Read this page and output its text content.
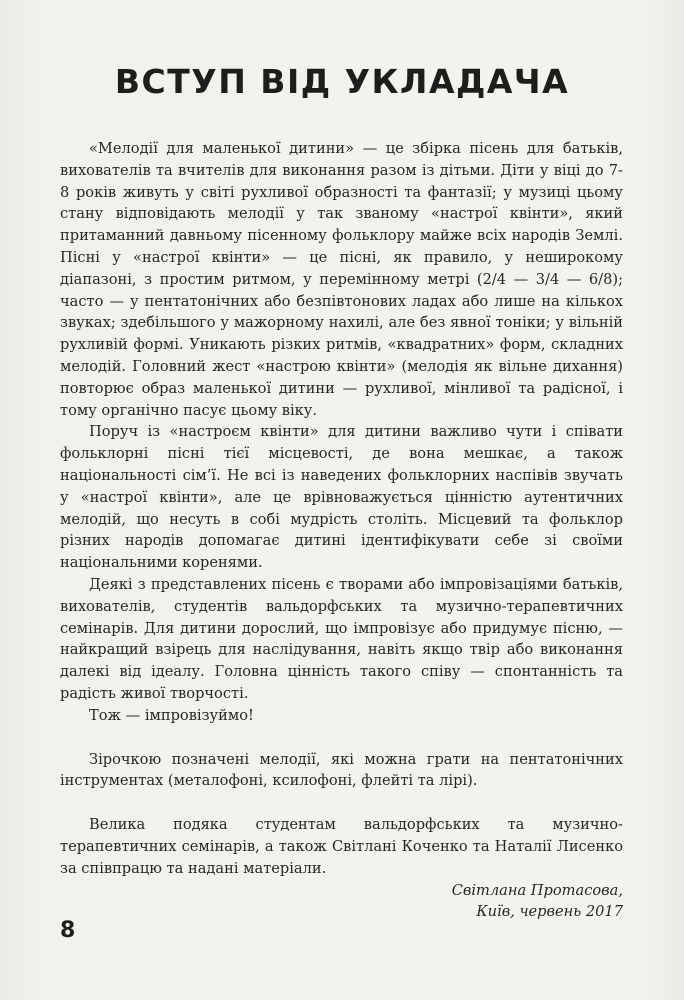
ВСТУП ВІД УКЛАДАЧА

«Мелодії для маленької дитини» — це збірка пісень для батьків, вихователів та вчителів для виконання разом із дітьми. Діти у віці до 7-8 років живуть у світі рухливої образності та фантазії; у музиці цьому стану відповідають мелодії у так званому «настрої квінти», який притаманний давньому пісенному фольклору майже всіх народів Землі. Пісні у «настрої квінти» — це пісні, як правило, у неширокому діапазоні, з простим ритмом, у перемінному метрі (2/4 — 3/4 — 6/8); часто — у пентатонічних або безпівтонових ладах або лише на кількох звуках; здебільшого у мажорному нахилі, але без явної тоніки; у вільній рухливій формі. Уникають різких ритмів, «квадратних» форм, складних мелодій. Головний жест «настрою квінти» (мелодія як вільне дихання) повторює образ маленької дитини — рухливої, мінливої та радісної, і тому органічно пасує цьому віку.

Поруч із «настроєм квінти» для дитини важливо чути і співати фольклорні пісні тієї місцевості, де вона мешкає, а також національності сім’ї. Не всі із наведених фольклорних наспівів звучать у «настрої квінти», але це врівноважується цінністю аутентичних мелодій, що несуть в собі мудрість століть. Місцевий та фольклор різних народів допомагає дитині ідентифікувати себе зі своїми національними коренями.

Деякі з представлених пісень є творами або імпровізаціями батьків, вихователів, студентів вальдорфських та музично-терапевтичних семінарів. Для дитини дорослий, що імпровізує або придумує пісню, — найкращий взірець для наслідування, навіть якщо твір або виконання далекі від ідеалу. Головна цінність такого співу — спонтанність та радість живої творчості.

Тож — імпровізуймо!

Зірочкою позначені мелодії, які можна грати на пентатонічних інструментах (металофоні, ксилофоні, флейті та лірі).

Велика подяка студентам вальдорфських та музично-терапевтичних семінарів, а також Світлані Коченко та Наталії Лисенко за співпрацю та надані матеріали.

Світлана Протасова,

Київ, червень 2017

8
